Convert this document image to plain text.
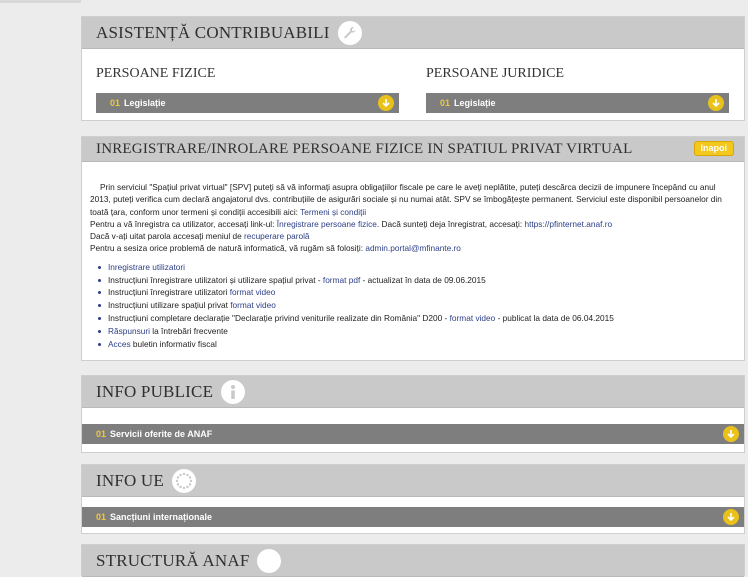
ASISTENȚĂ CONTRIBUABILI
PERSOANE FIZICE	PERSOANE JURIDICE
01 Legislație	01 Legislație
INREGISTRARE/INROLARE PERSOANE FIZICE IN SPATIUL PRIVAT VIRTUAL	Inapoi

Prin serviciul "Spațiul privat virtual" [SPV] puteți să vă informați asupra obligațiilor fiscale pe care le aveți neplătite, puteți descărca decizii de impunere începând cu anul 2013, puteți verifica cum declară angajatorul dvs. contribuțiile de asigurări sociale și nu numai atât. SPV se îmbogățește permanent. Serviciul este disponibil persoanelor din toată țara, conform unor termeni și condiții accesibili aici: Termeni și condiții

Pentru a vă înregistra ca utilizator, accesați link-ul: Înregistrare persoane fizice. Dacă sunteți deja înregistrat, accesați: https://pfinternet.anaf.ro

Dacă v-ați uitat parola accesați meniul de recuperare parolă

Pentru a sesiza orice problemă de natură informatică, vă rugăm să folosiți: admin.portal@mfinante.ro

Inregistrare utilizatori
Instrucțiuni înregistrare utilizatori și utilizare spațiul privat - format pdf - actualizat în data de 09.06.2015
Instrucțiuni înregistrare utilizatori format video
Instrucțiuni utilizare spațiul privat format video
Instrucțiuni completare declarație "Declarație privind veniturile realizate din România" D200 - format video - publicat la data de 06.04.2015
Răspunsuri la întrebări frecvente
Acces buletin informativ fiscal
INFO PUBLICE
01 Servicii oferite de ANAF
INFO UE
01 Sancțiuni internaționale
STRUCTURĂ ANAF
